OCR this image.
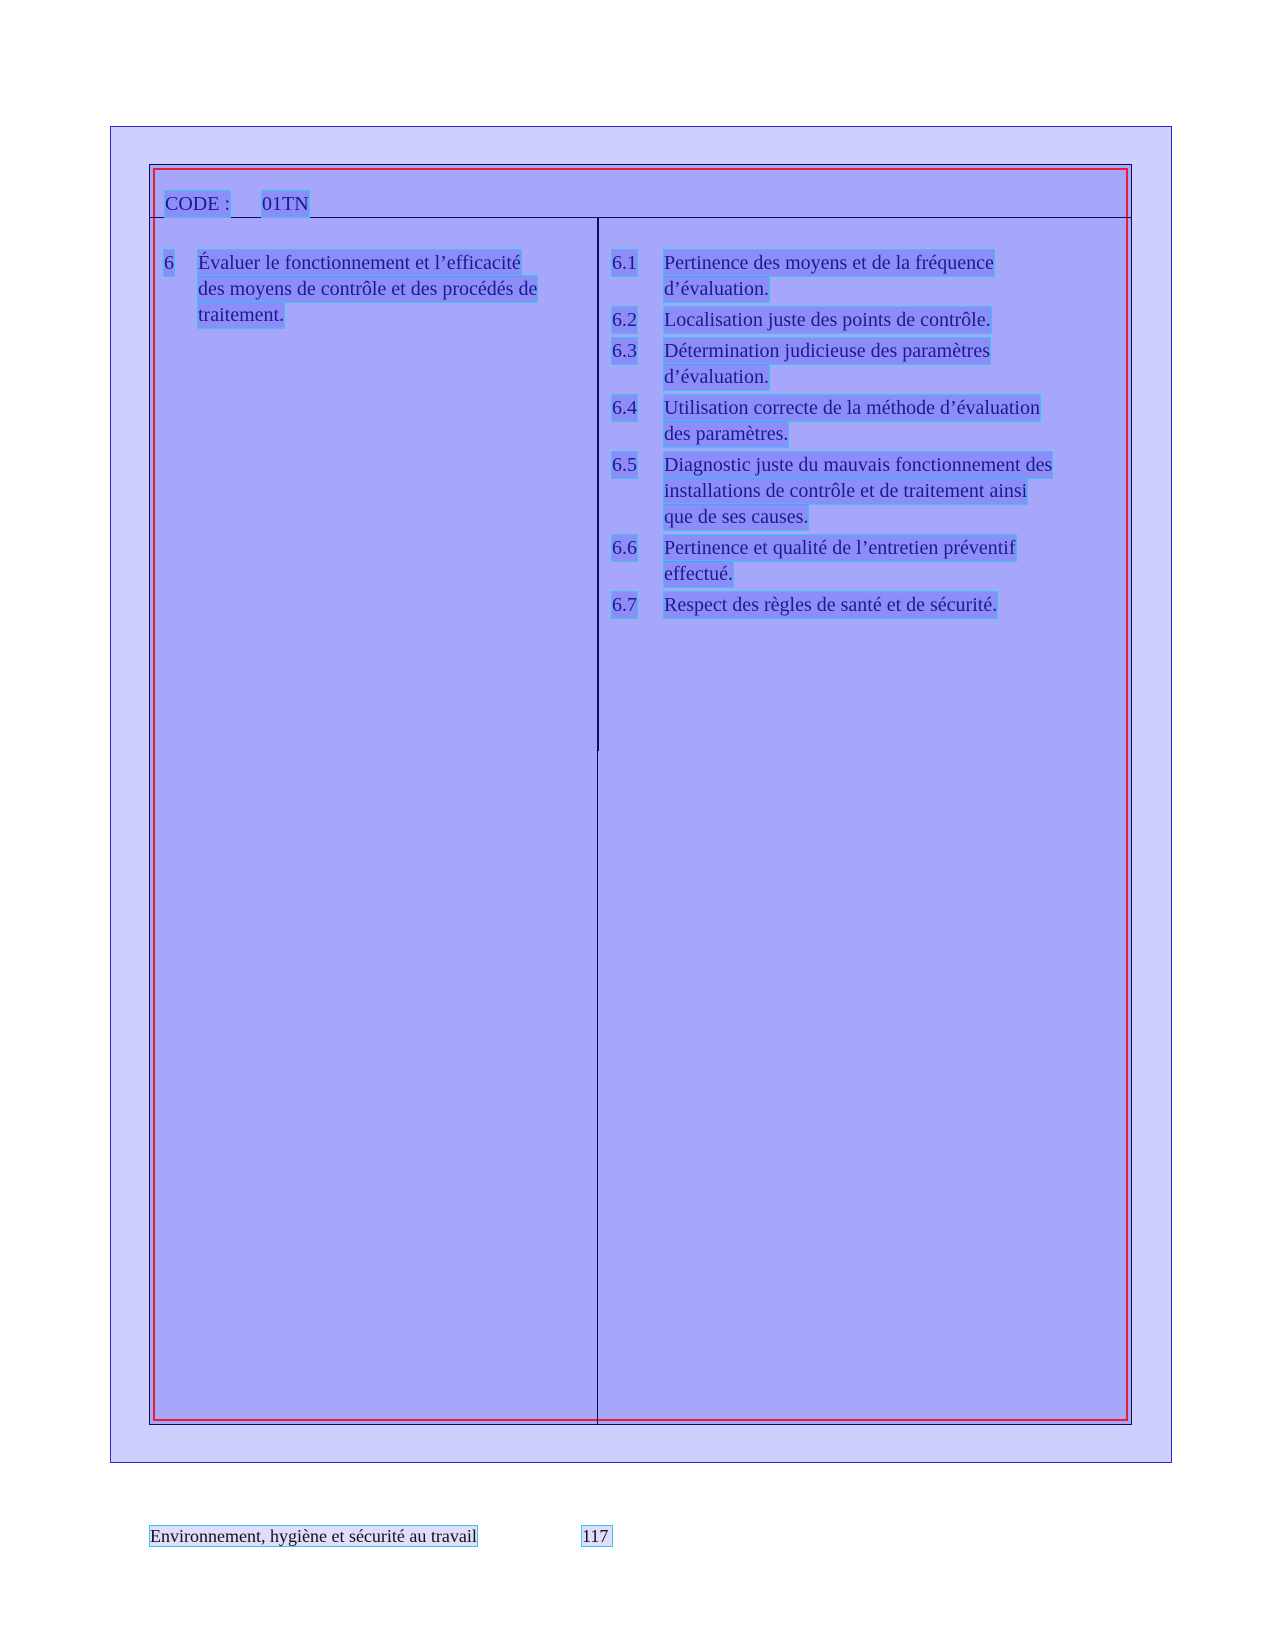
CODE : 01TN
6 Évaluer le fonctionnement et l’efficacité
des moyens de contrôle et des procédés de
traitement.
6.1 Pertinence des moyens et de la fréquence
d’évaluation.
6.2 Localisation juste des points de contrôle.
6.3 Détermination judicieuse des paramètres
d’évaluation.
6.4 Utilisation correcte de la méthode d’évaluation
des paramètres.
6.5 Diagnostic juste du mauvais fonctionnement des
installations de contrôle et de traitement ainsi
que de ses causes.
6.6 Pertinence et qualité de l’entretien préventif
effectué.
6.7 Respect des règles de santé et de sécurité.
Environnement, hygiène et sécurité au travail	117
